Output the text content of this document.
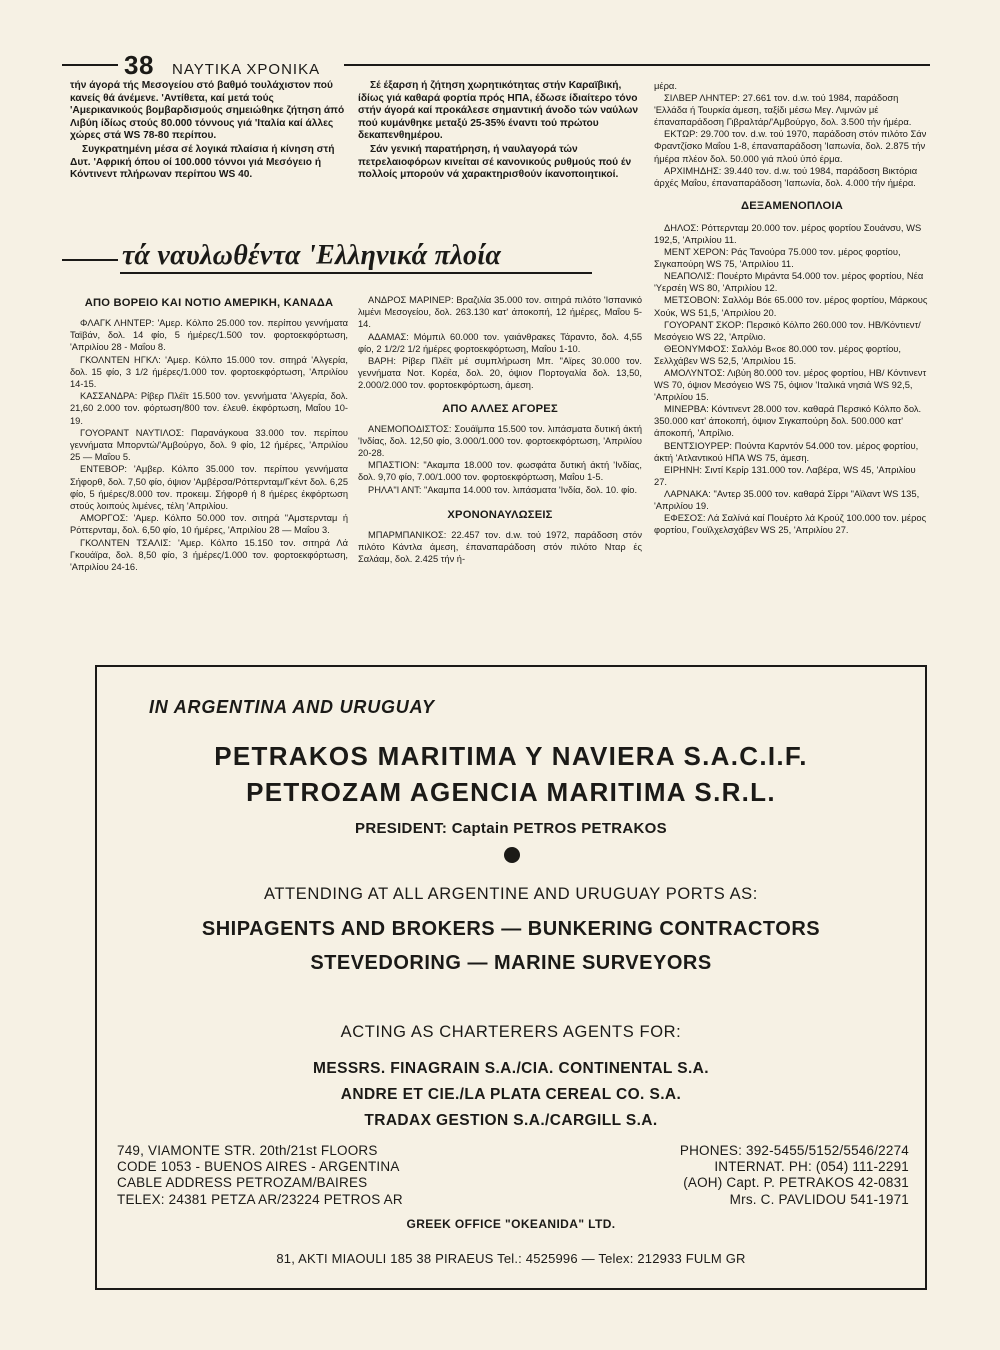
38 ΝΑΥΤΙΚΑ ΧΡΟΝΙΚΑ

τήν άγορά τής Μεσογείου στό βαθμό τουλάχιστον πού κανείς θά άνέμενε. 'Αντίθετα, καί μετά τούς 'Αμερικανικούς βομβαρδισμούς σημειώθηκε ζήτηση άπό Λιβύη ίδίως στούς 80.000 τόννους γιά 'Ιταλία καί άλλες χώρες στά WS 78-80 περίπου.

Συγκρατημένη μέσα σέ λογικά πλαίσια ή κίνηση στή Δυτ. 'Αφρική όπου οί 100.000 τόννοι γιά Μεσόγειο ή Κόντινεντ πλήρωναν περίπου WS 40.

Σέ έξαρση ή ζήτηση χωρητικότητας στήν Καραϊβική, ίδίως γιά καθαρά φορτία πρός ΗΠΑ, έδωσε ίδιαίτερο τόνο στήν άγορά καί προκάλεσε σημαντική άνοδο τών ναύλων πού κυμάνθηκε μεταξύ 25-35% έναντι τού πρώτου δεκαπενθημέρου.

Σάν γενική παρατήρηση, ή ναυλαγορά τών πετρελαιοφόρων κινείται σέ κανονικούς ρυθμούς πού έν πολλοίς μπορούν νά χαρακτηρισθούν ίκανοποιητικοί.

τά ναυλωθέντα 'Ελληνικά πλοία
ΑΠΟ ΒΟΡΕΙΟ ΚΑΙ ΝΟΤΙΟ ΑΜΕΡΙΚΗ, ΚΑΝΑΔΑ

ΦΛΑΓΚ ΛΗΝΤΕΡ: 'Αμερ. Κόλπο 25.000 τον. περίπου γεννήματα Ταϊβάν, δολ. 14 φίο, 5 ήμέρες/1.500 τον. φορτοεκφόρτωση, 'Απριλίου 28 - Μαΐου 8.

ΓΚΟΛΝΤΕΝ ΗΓΚΛ: 'Αμερ. Κόλπο 15.000 τον. σιτηρά 'Αλγερία, δολ. 15 φίο, 3 1/2 ήμέρες/1.000 τον. φορτοεκφόρτωση, 'Απριλίου 14-15.

ΚΑΣΣΑΝΔΡΑ: Ρίβερ Πλέϊτ 15.500 τον. γεννήματα 'Αλγερία, δολ. 21,60 2.000 τον. φόρτωση/800 τον. έλευθ. έκφόρτωση, Μαΐου 10-19.

ΓΟΥΟΡΑΝΤ ΝΑΥΤΙΛΟΣ: Παρανάγκουα 33.000 τον. περίπου γεννήματα Μπορντώ/'Αμβούργο, δολ. 9 φίο, 12 ήμέρες, 'Απριλίου 25 — Μαΐου 5.

ΕΝΤΕΒΟΡ: 'Αμβερ. Κόλπο 35.000 τον. περίπου γεννήματα Σήφορθ, δολ. 7,50 φίο, όψιον 'Αμβέρσα/Ρόττερνταμ/Γκέντ δολ. 6,25 φίο, 5 ήμέρες/8.000 τον. προκειμ. Σήφορθ ή 8 ήμέρες έκφόρτωση στούς λοιπούς λιμένες, τέλη 'Απριλίου.

ΑΜΟΡΓΟΣ: 'Αμερ. Κόλπο 50.000 τον. σιτηρά "Αμστερνταμ ή Ρόττερνταμ, δολ. 6,50 φίο, 10 ήμέρες, 'Απριλίου 28 — Μαΐου 3.

ΓΚΟΛΝΤΕΝ ΤΣΑΛΙΣ: 'Αμερ. Κόλπο 15.150 τον. σιτηρά Λά Γκουάϊρα, δολ. 8,50 φίο, 3 ήμέρες/1.000 τον. φορτοεκφόρτωση, 'Απριλίου 24-16.

ΑΝΔΡΟΣ ΜΑΡΙΝΕΡ: Βραζιλία 35.000 τον. σιτηρά πιλότο 'Ισπανικό λιμένι Μεσογείου, δολ. 263.130 κατ' άποκοπή, 12 ήμέρες, Μαΐου 5-14.

ΑΔΑΜΑΣ: Μόμπιλ 60.000 τον. γαιάνθρακες Τάραντο, δολ. 4,55 φίο, 2 1/2/2 1/2 ήμέρες φορτοεκφόρτωση, Μαΐου 1-10.

ΒΑΡΗ: Ρίβερ Πλέϊτ μέ συμπλήρωση Μπ. "Αϊρες 30.000 τον. γεννήματα Νοτ. Κορέα, δολ. 20, όψιον Πορτογαλία δολ. 13,50, 2.000/2.000 τον. φορτοεκφόρτωση, άμεση.

ΑΠΟ ΑΛΛΕΣ ΑΓΟΡΕΣ

ΑΝΕΜΟΠΟΔΙΣΤΟΣ: Σουάϊμπα 15.500 τον. λιπάσματα δυτική άκτή 'Ινδίας, δολ. 12,50 φίο, 3.000/1.000 τον. φορτοεκφόρτωση, 'Απριλίου 20-28.

ΜΠΑΣΤΙΟΝ: "Ακαμπα 18.000 τον. φωσφάτα δυτική άκτή 'Ινδίας, δολ. 9,70 φίο, 7.00/1.000 τον. φορτοεκφόρτωση, Μαΐου 1-5.

ΡΗΛΑ"Ι ΑΝΤ: "Ακαμπα 14.000 τον. λιπάσματα 'Ινδία, δολ. 10. φίο.

ΧΡΟΝΟΝΑΥΛΩΣΕΙΣ

ΜΠΑΡΜΠΑΝΙΚΟΣ: 22.457 τον. d.w. τού 1972, παράδοση στόν πιλότο Κάντλα άμεση, έπαναπαράδοση στόν πιλότο Νταρ ές Σαλάαμ, δολ. 2.425 τήν ή-

μέρα.

ΣΙΛΒΕΡ ΛΗΝΤΕΡ: 27.661 τον. d.w. τού 1984, παράδοση 'Ελλάδα ή Τουρκία άμεση, ταξίδι μέσω Μεγ. Λιμνών μέ έπαναπαράδοση Γιβραλτάρ/'Αμβούργο, δολ. 3.500 τήν ήμέρα.

ΕΚΤΩΡ: 29.700 τον. d.w. τού 1970, παράδοση στόν πιλότο Σάν Φραντζίσκο Μαΐου 1-8, έπαναπαράδοση 'Ιαπωνία, δολ. 2.875 τήν ήμέρα πλέον δολ. 50.000 γιά πλού ύπό έρμα.

ΑΡΧΙΜΗΔΗΣ: 39.440 τον. d.w. τού 1984, παράδοση Βικτόρια άρχές Μαΐου, έπαναπαράδοση 'Ιαπωνία, δολ. 4.000 τήν ήμέρα.

ΔΕΞΑΜΕΝΟΠΛΟΙΑ

ΔΗΛΟΣ: Ρόττερνταμ 20.000 τον. μέρος φορτίου Σουάνσυ, WS 192,5, 'Απριλίου 11.

ΜΕΝΤ ΧΕΡΟΝ: Ράς Τανούρα 75.000 τον. μέρος φορτίου, Σιγκαπούρη WS 75, 'Απριλίου 11.

ΝΕΑΠΟΛΙΣ: Πουέρτο Μιράντα 54.000 τον. μέρος φορτίου, Νέα 'Υερσέη WS 80, 'Απριλίου 12.

ΜΕΤΣΟΒΟΝ: Σαλλόμ Βόε 65.000 τον. μέρος φορτίου, Μάρκους Χούκ, WS 51,5, 'Απριλίου 20.

ΓΟΥΟΡΑΝΤ ΣΚΟΡ: Περσικό Κόλπο 260.000 τον. ΗΒ/Κόντιεντ/ Μεσόγειο WS 22, 'Απρίλιο.

ΘΕΟΝΥΜΦΟΣ: Σαλλόμ Β«οε 80.000 τον. μέρος φορτίου, Σελλχάβεν WS 52,5, 'Απριλίου 15.

ΑΜΟΛΥΝΤΟΣ: Λιβύη 80.000 τον. μέρος φορτίου, ΗΒ/ Κόντινεντ WS 70, όψιον Μεσόγειο WS 75, όψιον 'Ιταλικά νησιά WS 92,5, 'Απριλίου 15.

ΜΙΝΕΡΒΑ: Κόντινεντ 28.000 τον. καθαρά Περσικό Κόλπο δολ. 350.000 κατ' άποκοπή, όψιον Σιγκαπούρη δολ. 500.000 κατ' άποκοπή, 'Απρίλιο.

ΒΕΝΤΣΙΟΥΡΕΡ: Πούντα Καρντόν 54.000 τον. μέρος φορτίου, άκτή 'Ατλαντικού ΗΠΑ WS 75, άμεση.

ΕΙΡΗΝΗ: Σιντί Κερίρ 131.000 τον. Λαβέρα, WS 45, 'Απριλίου 27.

ΛΑΡΝΑΚΑ: "Αντερ 35.000 τον. καθαρά Σίρρι "Αϊλαντ WS 135, 'Απριλίου 19.

ΕΦΕΣΟΣ: Λά Σαλίνά καί Πουέρτο λά Κρούζ 100.000 τον. μέρος φορτίου, Γουϊλχελσχάβεν WS 25, 'Απριλίου 27.

IN ARGENTINA AND URUGUAY
PETRAKOS MARITIMA Y NAVIERA S.A.C.I.F.
PETROZAM AGENCIA MARITIMA S.R.L.
PRESIDENT: Captain PETROS PETRAKOS
ATTENDING AT ALL ARGENTINE AND URUGUAY PORTS AS:
SHIPAGENTS AND BROKERS — BUNKERING CONTRACTORS
STEVEDORING — MARINE SURVEYORS
ACTING AS CHARTERERS AGENTS FOR:
MESSRS. FINAGRAIN S.A./CIA. CONTINENTAL S.A.
ANDRE ET CIE./LA PLATA CEREAL CO. S.A.
TRADAX GESTION S.A./CARGILL S.A.
749, VIAMONTE STR. 20th/21st FLOORS
CODE 1053 - BUENOS AIRES - ARGENTINA
CABLE ADDRESS PETROZAM/BAIRES
TELEX: 24381 PETZA AR/23224 PETROS AR
PHONES: 392-5455/5152/5546/2274
INTERNAT. PH: (054) 111-2291
(AOH) Capt. P. PETRAKOS 42-0831
Mrs. C. PAVLIDOU 541-1971
GREEK OFFICE "OKEANIDA" LTD.
81, AKTI MIAOULI 185 38 PIRAEUS Tel.: 4525996 — Telex: 212933 FULM GR
